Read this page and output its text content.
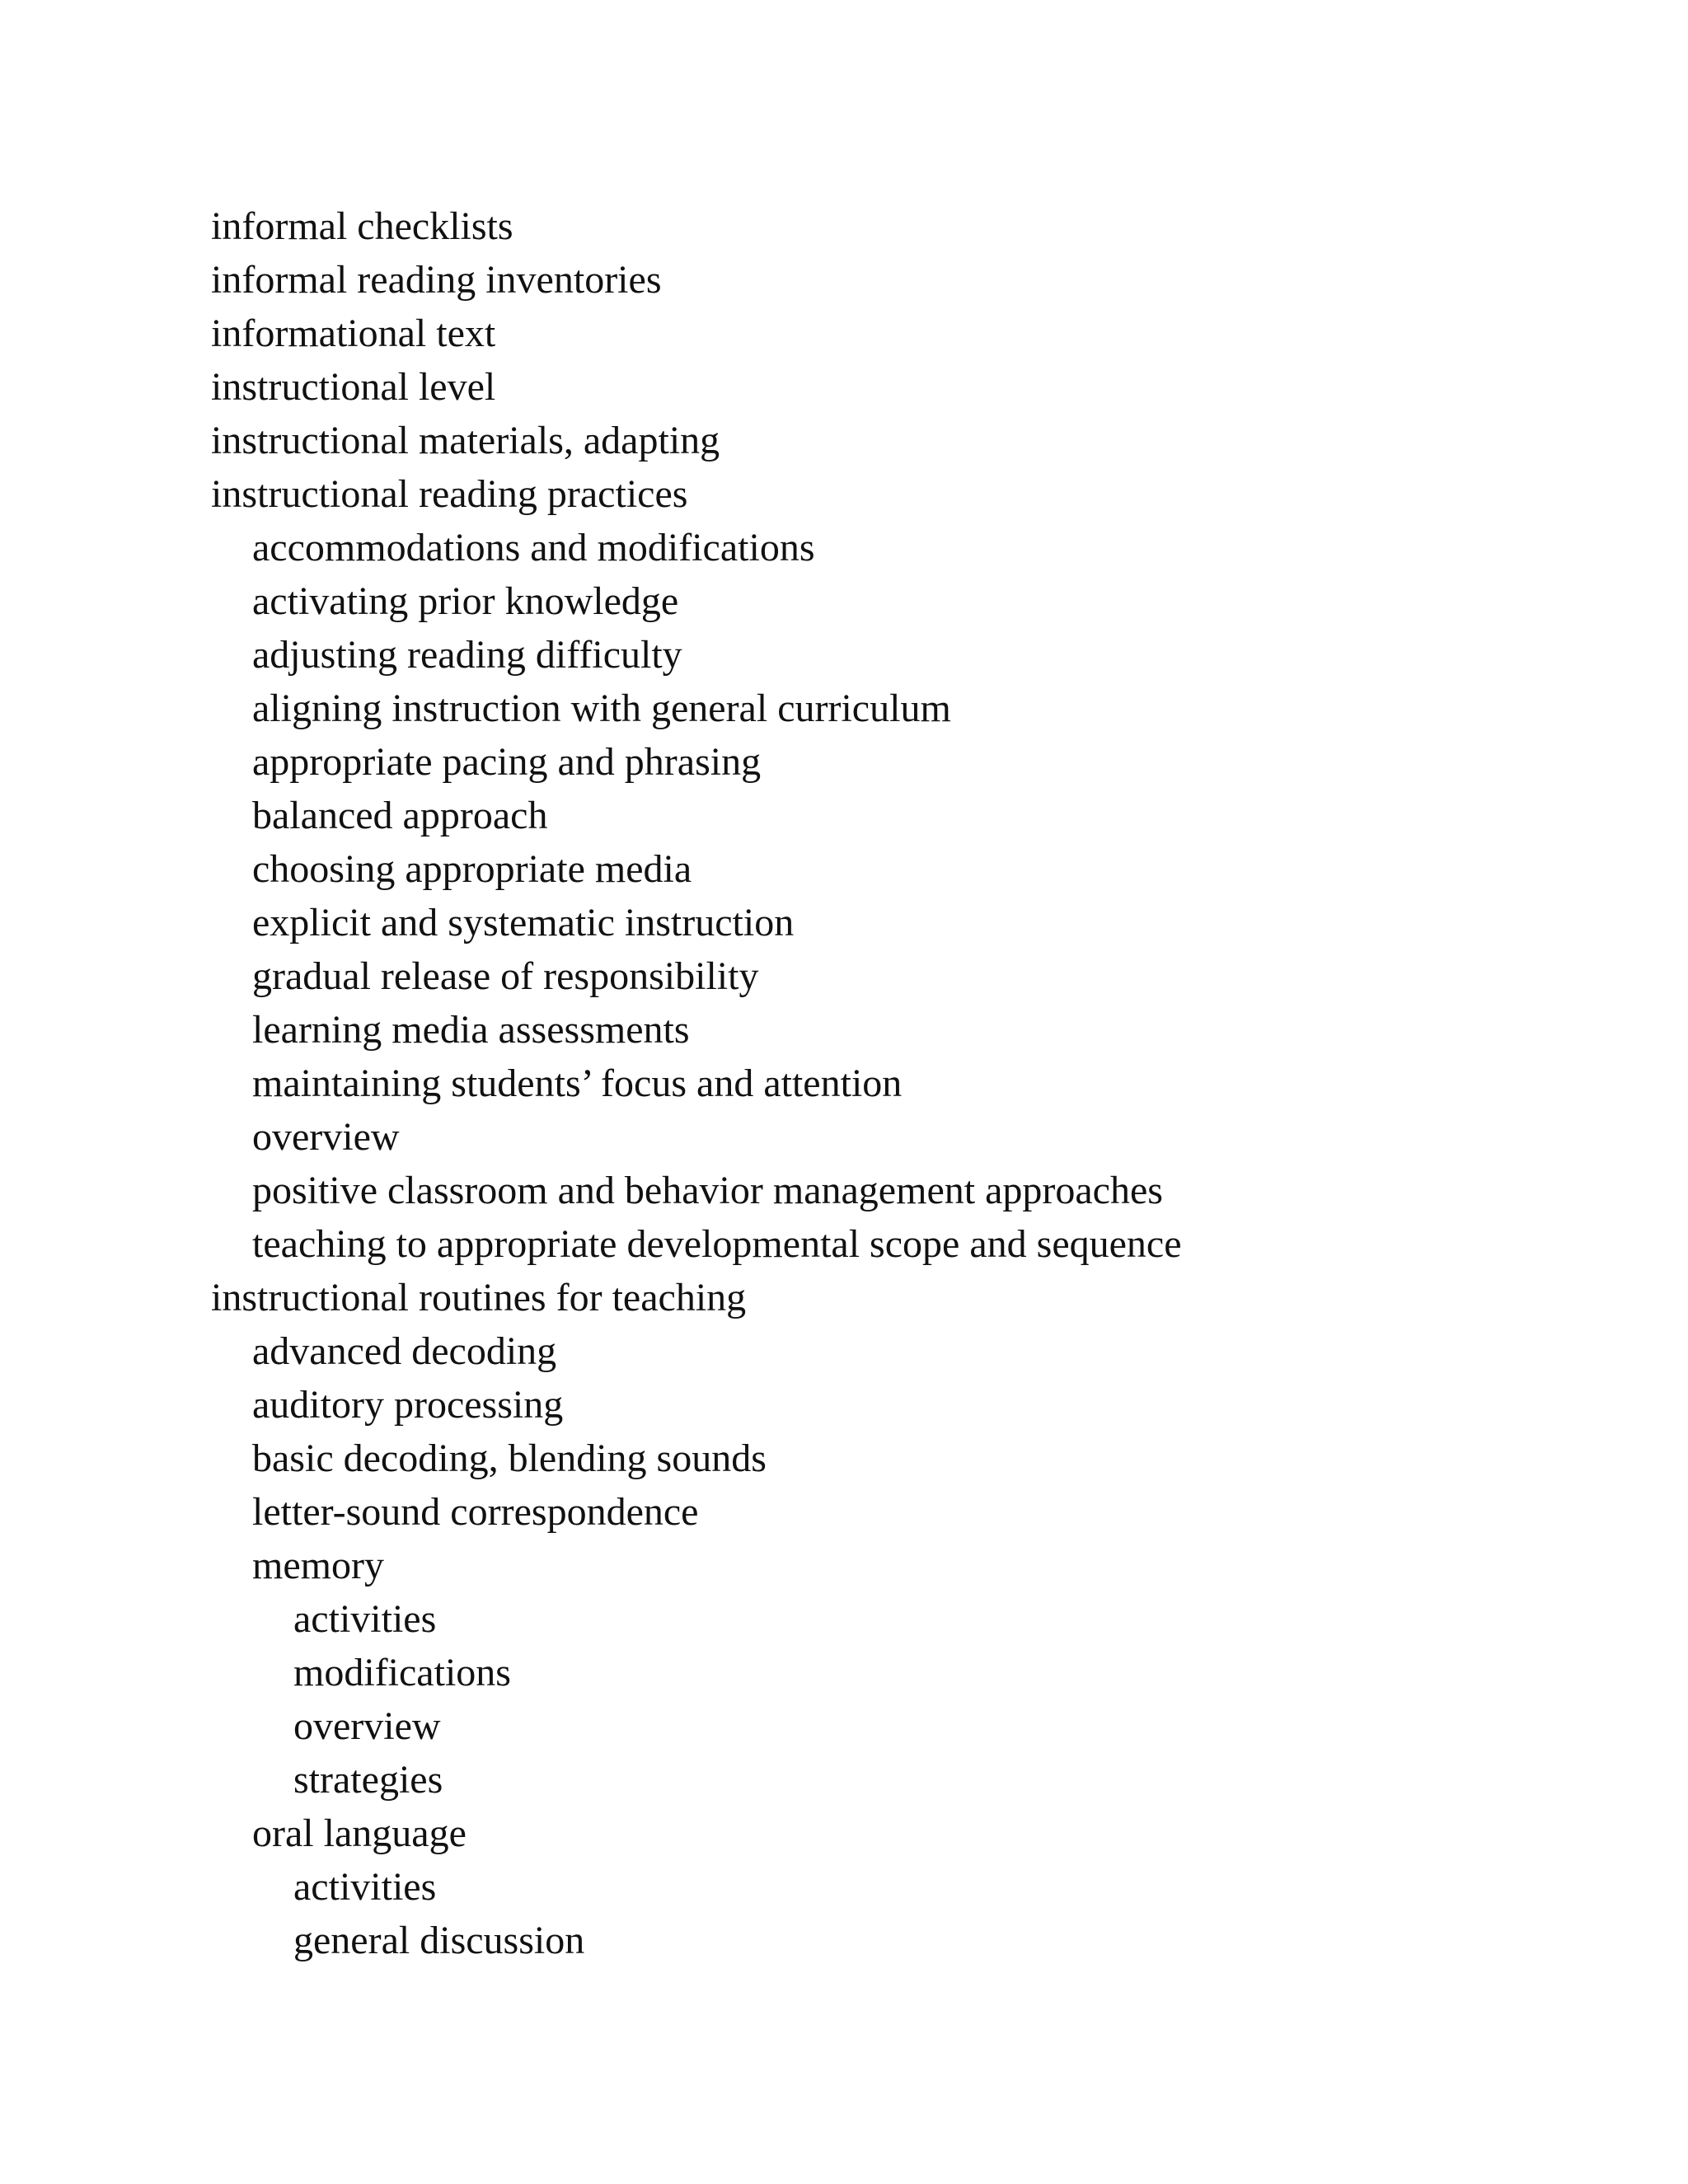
informal checklists
informal reading inventories
informational text
instructional level
instructional materials, adapting
instructional reading practices
accommodations and modifications
activating prior knowledge
adjusting reading difficulty
aligning instruction with general curriculum
appropriate pacing and phrasing
balanced approach
choosing appropriate media
explicit and systematic instruction
gradual release of responsibility
learning media assessments
maintaining students’ focus and attention
overview
positive classroom and behavior management approaches
teaching to appropriate developmental scope and sequence
instructional routines for teaching
advanced decoding
auditory processing
basic decoding, blending sounds
letter-sound correspondence
memory
activities
modifications
overview
strategies
oral language
activities
general discussion
